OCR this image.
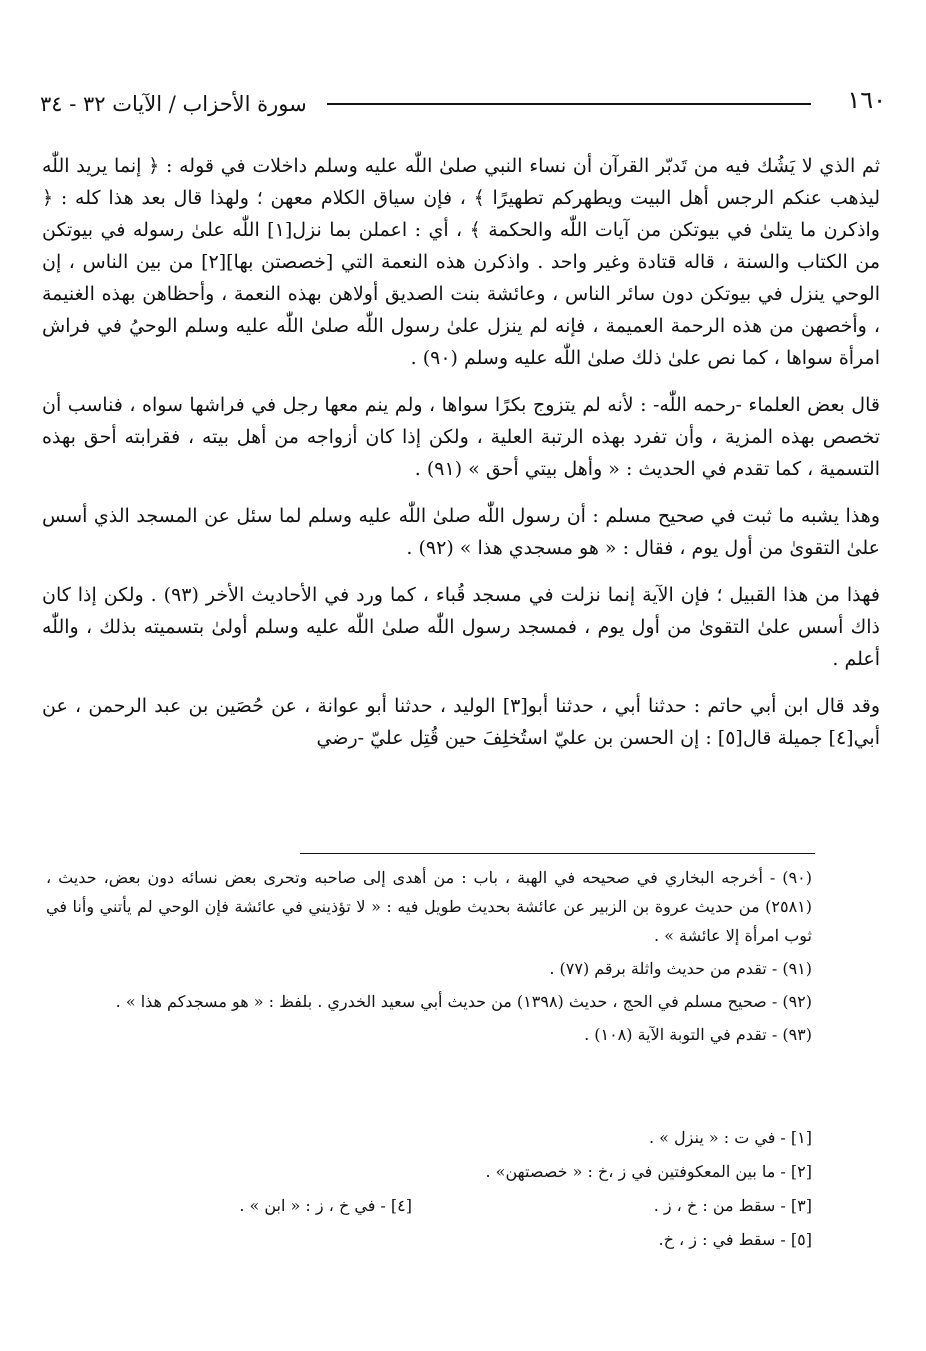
١٦٠
سورة الأحزاب / الآيات ٣٢ - ٣٤

ثم الذي لا يَشُك فيه من تَدبّر القرآن أن نساء النبي صلىٰ اللّٰه عليه وسلم داخلات في قوله : ﴿ إنما يريد اللّٰه ليذهب عنكم الرجس أهل البيت ويطهركم تطهيرًا ﴾ ، فإن سياق الكلام معهن ؛ ولهذا قال بعد هذا كله : ﴿ واذكرن ما يتلىٰ في بيوتكن من آيات اللّٰه والحكمة ﴾ ، أي : اعملن بما نزل[١] اللّٰه علىٰ رسوله في بيوتكن من الكتاب والسنة ، قاله قتادة وغير واحد . واذكرن هذه النعمة التي [خصصتن بها][٢] من بين الناس ، إن الوحي ينزل في بيوتكن دون سائر الناس ، وعائشة بنت الصديق أولاهن بهذه النعمة ، وأحظاهن بهذه الغنيمة ، وأخصهن من هذه الرحمة العميمة ، فإنه لم ينزل علىٰ رسول اللّٰه صلىٰ اللّٰه عليه وسلم الوحيُ في فراش امرأة سواها ، كما نص علىٰ ذلك صلىٰ اللّٰه عليه وسلم (٩٠) .

قال بعض العلماء -رحمه اللّٰه- : لأنه لم يتزوج بكرًا سواها ، ولم ينم معها رجل في فراشها سواه ، فناسب أن تخصص بهذه المزية ، وأن تفرد بهذه الرتبة العلية ، ولكن إذا كان أزواجه من أهل بيته ، فقرابته أحق بهذه التسمية ، كما تقدم في الحديث : « وأهل بيتي أحق » (٩١) .

وهذا يشبه ما ثبت في صحيح مسلم : أن رسول اللّٰه صلىٰ اللّٰه عليه وسلم لما سئل عن المسجد الذي أسس علىٰ التقوىٰ من أول يوم ، فقال : « هو مسجدي هذا » (٩٢) .

فهذا من هذا القبيل ؛ فإن الآية إنما نزلت في مسجد قُباء ، كما ورد في الأحاديث الأخر (٩٣) . ولكن إذا كان ذاك أسس علىٰ التقوىٰ من أول يوم ، فمسجد رسول اللّٰه صلىٰ اللّٰه عليه وسلم أولىٰ بتسميته بذلك ، واللّٰه أعلم .

وقد قال ابن أبي حاتم : حدثنا أبي ، حدثنا أبو[٣] الوليد ، حدثنا أبو عوانة ، عن حُصَين بن عبد الرحمن ، عن أبي[٤] جميلة قال[٥] : إن الحسن بن عليّ استُخلِفَ حين قُتِل عليّ -رضي

(٩٠) - أخرجه البخاري في صحيحه في الهبة ، باب : من أهدى إلى صاحبه وتحرى بعض نسائه دون بعض، حديث ، (٢٥٨١) من حديث عروة بن الزبير عن عائشة بحديث طويل فيه : « لا تؤذيني في عائشة فإن الوحي لم يأتني وأنا في ثوب امرأة إلا عائشة » .

(٩١) - تقدم من حديث واثلة برقم (٧٧) .

(٩٢) - صحيح مسلم في الحج ، حديث (١٣٩٨) من حديث أبي سعيد الخدري . بلفظ : « هو مسجدكم هذا » .

(٩٣) - تقدم في التوبة الآية (١٠٨) .

[١] - في ت : « ينزل » .
[٢] - ما بين المعكوفتين في ز ،خ : « خصصتهن» .
[٣] - سقط من : خ ، ز .
[٤] - في خ ، ز : « ابن » .
[٥] - سقط في : ز ، خ.
